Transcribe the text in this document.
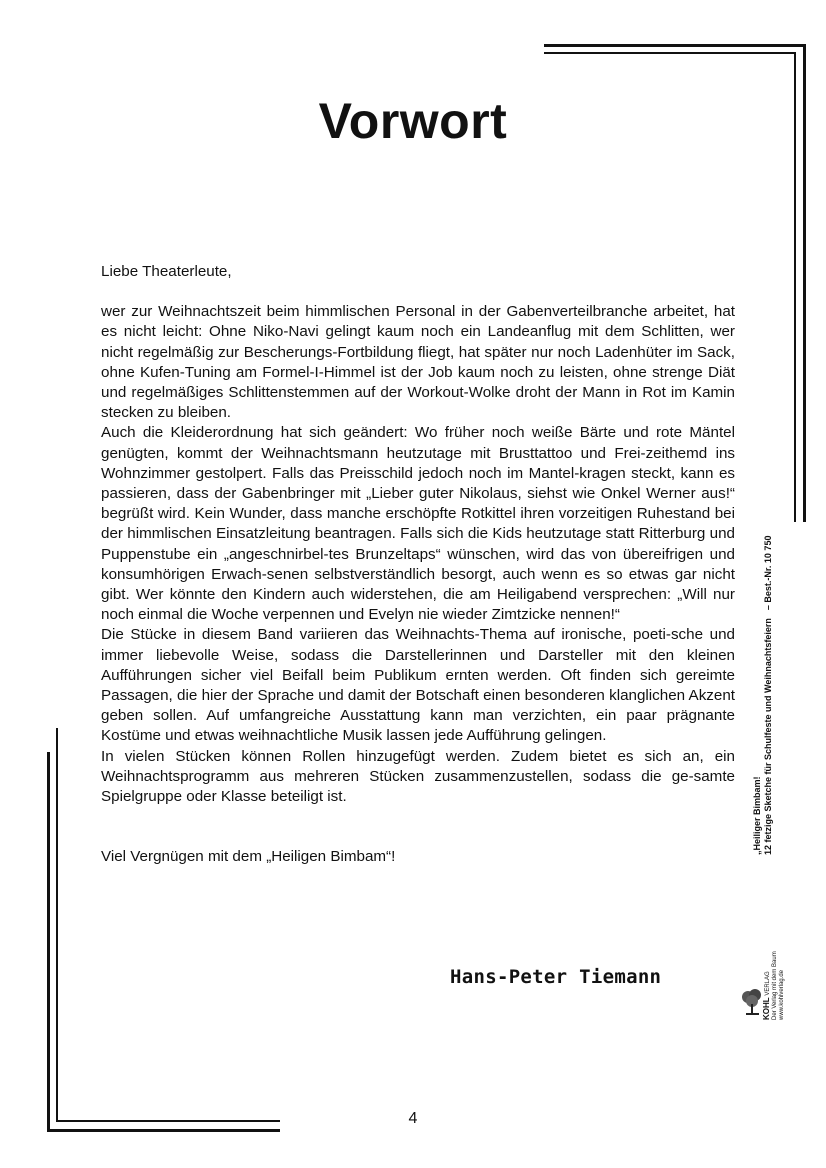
Vorwort

Liebe Theaterleute,

wer zur Weihnachtszeit beim himmlischen Personal in der Gabenverteilbranche arbeitet, hat es nicht leicht: Ohne Niko-Navi gelingt kaum noch ein Landeanflug mit dem Schlitten, wer nicht regelmäßig zur Bescherungs-Fortbildung fliegt, hat später nur noch Ladenhüter im Sack, ohne Kufen-Tuning am Formel-I-Himmel ist der Job kaum noch zu leisten, ohne strenge Diät und regelmäßiges Schlittenstemmen auf der Workout-Wolke droht der Mann in Rot im Kamin stecken zu bleiben.

Auch die Kleiderordnung hat sich geändert: Wo früher noch weiße Bärte und rote Mäntel genügten, kommt der Weihnachtsmann heutzutage mit Brusttattoo und Frei-zeithemd ins Wohnzimmer gestolpert. Falls das Preisschild jedoch noch im Mantel-kragen steckt, kann es passieren, dass der Gabenbringer mit „Lieber guter Nikolaus, siehst wie Onkel Werner aus!“ begrüßt wird. Kein Wunder, dass manche erschöpfte Rotkittel ihren vorzeitigen Ruhestand bei der himmlischen Einsatzleitung beantragen. Falls sich die Kids heutzutage statt Ritterburg und Puppenstube ein „angeschnirbel-tes Brunzeltaps“ wünschen, wird das von übereifrigen und konsumhörigen Erwach-senen selbstverständlich besorgt, auch wenn es so etwas gar nicht gibt. Wer könnte den Kindern auch widerstehen, die am Heiligabend versprechen: „Will nur noch einmal die Woche verpennen und Evelyn nie wieder Zimtzicke nennen!“

Die Stücke in diesem Band variieren das Weihnachts-Thema auf ironische, poeti-sche und immer liebevolle Weise, sodass die Darstellerinnen und Darsteller mit den kleinen Aufführungen sicher viel Beifall beim Publikum ernten werden. Oft finden sich gereimte Passagen, die hier der Sprache und damit der Botschaft einen besonderen klanglichen Akzent geben sollen. Auf umfangreiche Ausstattung kann man verzichten, ein paar prägnante Kostüme und etwas weihnachtliche Musik lassen jede Aufführung gelingen.

In vielen Stücken können Rollen hinzugefügt werden. Zudem bietet es sich an, ein Weihnachtsprogramm aus mehreren Stücken zusammenzustellen, sodass die ge-samte Spielgruppe oder Klasse beteiligt ist.

Viel Vergnügen mit dem „Heiligen Bimbam“!

Hans-Peter Tiemann
4
„Heiliger Bimbam! 12 fetzige Sketche für Schulfeste und Weihnachtsfeiern
– Best.-Nr. 10 750
KOHL VERLAG Der Verlag mit dem Baum www.kohlverlag.de
